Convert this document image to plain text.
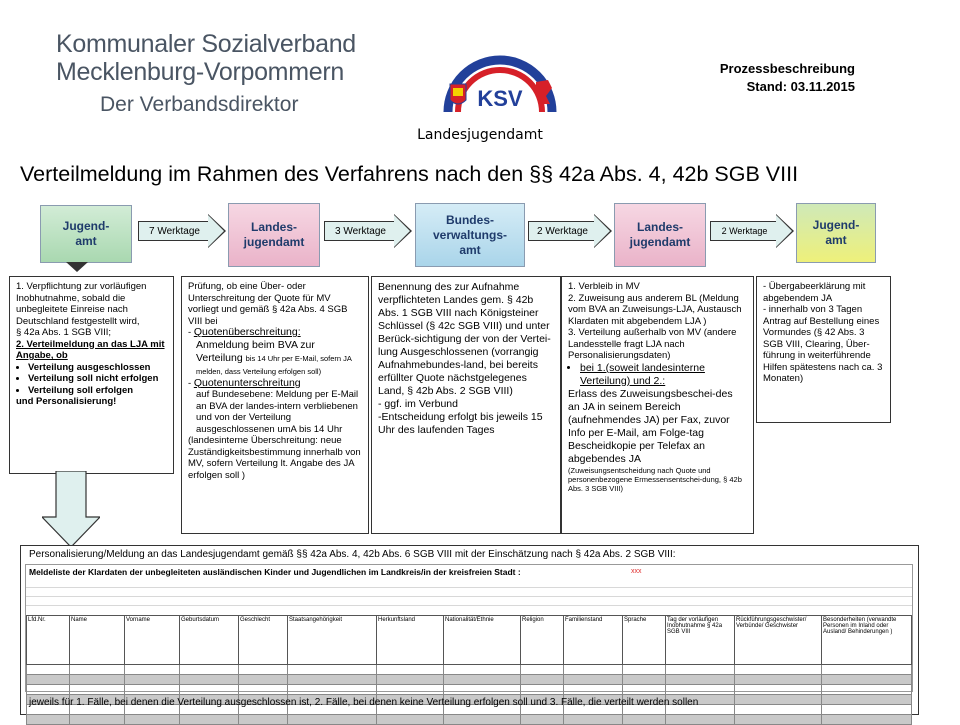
Kommunaler Sozialverband
Mecklenburg-Vorpommern
Der Verbandsdirektor	KSV
Landesjugendamt
Prozessbeschreibung
Stand: 03.11.2015
Verteilmeldung im Rahmen des Verfahrens nach den §§ 42a Abs. 4, 42b SGB VIII
Jugend-
amt
Landes-
jugendamt
Bundes-
verwaltungs-
amt
Landes-
jugendamt
Jugend-
amt
7 Werktage	3 Werktage	2 Werktage	2 Werktage

1. Verpflichtung zur vorläufigen Inobhutnahme, sobald die unbegleitete Einreise nach Deutschland festgestellt wird,

§ 42a Abs. 1 SGB VIII;

2. Verteilmeldung an das LJA mit Angabe, ob

• Verteilung ausgeschlossen
• Verteilung soll nicht erfolgen
• Verteilung soll erfolgen

und Personalisierung!

Prüfung, ob eine Über- oder Unterschreitung der Quote für MV vorliegt und gemäß § 42a Abs. 4 SGB VIII bei

- Quotenüberschreitung:

Anmeldung beim BVA zur Verteilung bis 14 Uhr per E-Mail, sofern JA melden, dass Verteilung erfolgen soll)

- Quotenunterschreitung

auf Bundesebene: Meldung per E-Mail an BVA der landes-intern verbliebenen und von der Verteilung ausgeschlossenen umA bis 14 Uhr

(landesinterne Überschreitung: neue Zuständigkeitsbestimmung innerhalb von MV, sofern Verteilung lt. Angabe des JA erfolgen soll )

Benennung des zur Aufnahme verpflichteten Landes gem. § 42b Abs. 1 SGB VIII nach Königsteiner Schlüssel (§ 42c SGB VIII) und unter Berück-sichtigung der von der Vertei-lung Ausgeschlossenen (vorrangig Aufnahmebundes-land, bei bereits erfüllter Quote nächstgelegenes Land, § 42b Abs. 2 SGB VIII)

- ggf. im Verbund

-Entscheidung erfolgt bis jeweils 15 Uhr des laufenden Tages

1. Verbleib in MV

2. Zuweisung aus anderem BL (Meldung vom BVA an Zuweisungs-LJA, Austausch Klardaten mit abgebendem LJA )

3. Verteilung außerhalb von MV (andere Landesstelle fragt LJA nach Personalisierungsdaten)

• bei 1.(soweit landesinterne Verteilung) und 2.:

Erlass des Zuweisungsbeschei-des an JA in seinem Bereich (aufnehmendes JA) per Fax, zuvor Info per E-Mail, am Folge-tag Bescheidkopie per Telefax an abgebendes JA

(Zuweisungsentscheidung nach Quote und personenbezogene Ermessensentschei-dung, § 42b Abs. 3 SGB VIII)

- Übergabeerklärung mit abgebendem JA

- innerhalb von 3 Tagen Antrag auf Bestellung eines Vormundes (§ 42 Abs. 3 SGB VIII, Clearing, Über-führung in weiterführende Hilfen spätestens nach ca. 3 Monaten)

Personalisierung/Meldung an das Landesjugendamt gemäß §§ 42a Abs. 4, 42b Abs. 6 SGB VIII mit der Einschätzung nach § 42a Abs. 2 SGB VIII:
Meldeliste der Klardaten der unbegleiteten ausländischen Kinder und Jugendlichen im Landkreis/in der kreisfreien Stadt :	xxx
Lfd.Nr.	Name	Vorname	Geburtsdatum	Geschlecht	Staatsangehörigkeit	Herkunftsland	Nationalität/Ethnie	Religion	Familienstand	Sprache	Tag der vorläufigen Inobhutnahme § 42a SGB VIII	Rückführungsgeschwister/ Verbünde/ Geschwister	Besonderheiten (verwandte Personen im Inland oder Ausland/ Behinderungen )

jeweils für 1. Fälle, bei denen die Verteilung ausgeschlossen ist, 2. Fälle, bei denen keine Verteilung erfolgen soll und 3. Fälle, die verteilt werden sollen
